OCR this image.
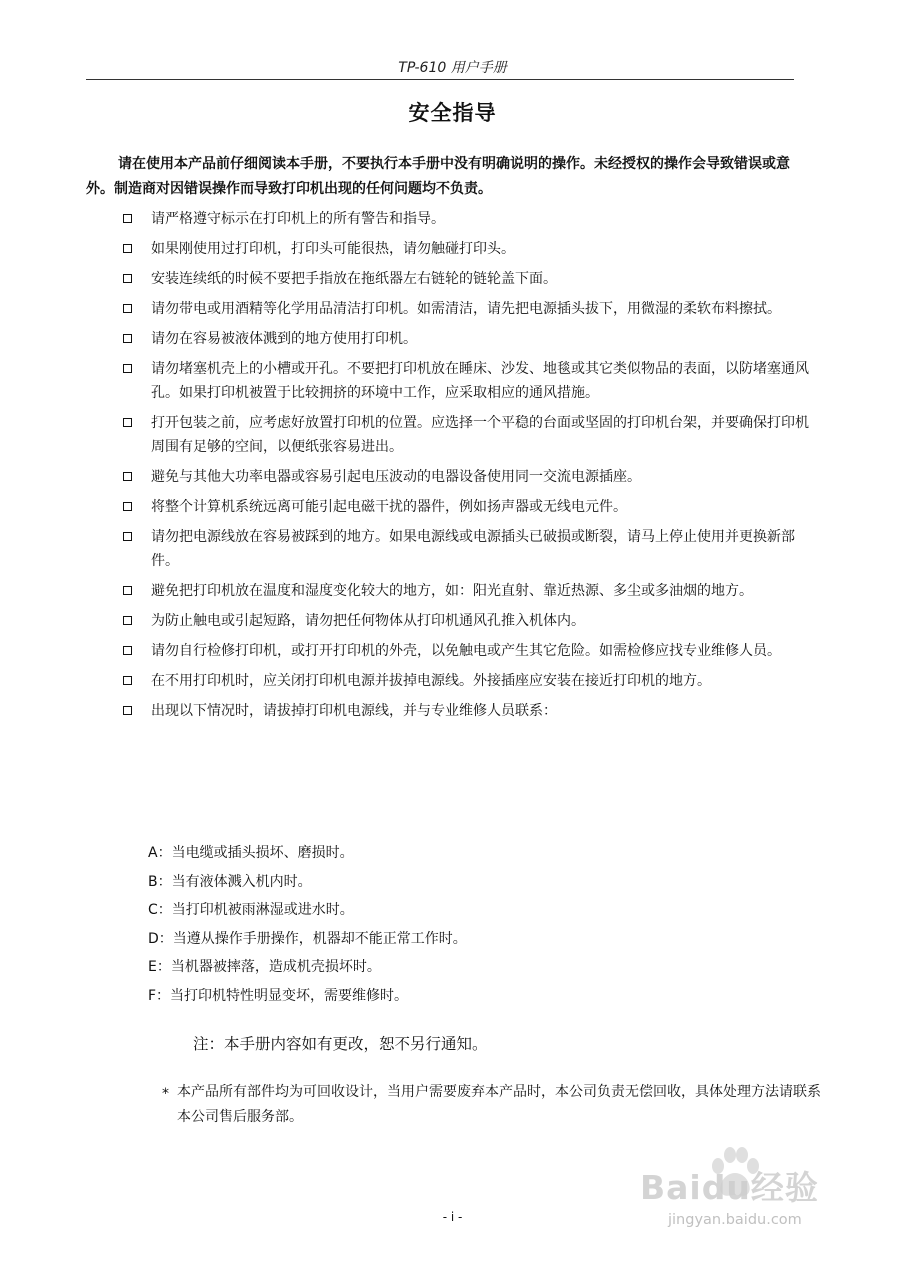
TP-610 用户手册
安全指导
请在使用本产品前仔细阅读本手册，不要执行本手册中没有明确说明的操作。未经授权的操作会导致错误或意外。制造商对因错误操作而导致打印机出现的任何问题均不负责。
请严格遵守标示在打印机上的所有警告和指导。
如果刚使用过打印机，打印头可能很热，请勿触碰打印头。
安装连续纸的时候不要把手指放在拖纸器左右链轮的链轮盖下面。
请勿带电或用酒精等化学用品清洁打印机。如需清洁，请先把电源插头拔下，用微湿的柔软布料擦拭。
请勿在容易被液体溅到的地方使用打印机。
请勿堵塞机壳上的小槽或开孔。不要把打印机放在睡床、沙发、地毯或其它类似物品的表面，以防堵塞通风孔。如果打印机被置于比较拥挤的环境中工作，应采取相应的通风措施。
打开包装之前，应考虑好放置打印机的位置。应选择一个平稳的台面或坚固的打印机台架，并要确保打印机周围有足够的空间，以便纸张容易进出。
避免与其他大功率电器或容易引起电压波动的电器设备使用同一交流电源插座。
将整个计算机系统远离可能引起电磁干扰的器件，例如扬声器或无线电元件。
请勿把电源线放在容易被踩到的地方。如果电源线或电源插头已破损或断裂，请马上停止使用并更换新部件。
避免把打印机放在温度和湿度变化较大的地方，如：阳光直射、靠近热源、多尘或多油烟的地方。
为防止触电或引起短路，请勿把任何物体从打印机通风孔推入机体内。
请勿自行检修打印机，或打开打印机的外壳，以免触电或产生其它危险。如需检修应找专业维修人员。
在不用打印机时，应关闭打印机电源并拔掉电源线。外接插座应安装在接近打印机的地方。
出现以下情况时，请拔掉打印机电源线，并与专业维修人员联系：
A：当电缆或插头损坏、磨损时。
B：当有液体溅入机内时。
C：当打印机被雨淋湿或进水时。
D：当遵从操作手册操作，机器却不能正常工作时。
E：当机器被摔落，造成机壳损坏时。
F：当打印机特性明显变坏，需要维修时。
注：本手册内容如有更改，恕不另行通知。
* 本产品所有部件均为可回收设计，当用户需要废弃本产品时，本公司负责无偿回收，具体处理方法请联系本公司售后服务部。
- i -
Baidu经验
jingyan.baidu.com
